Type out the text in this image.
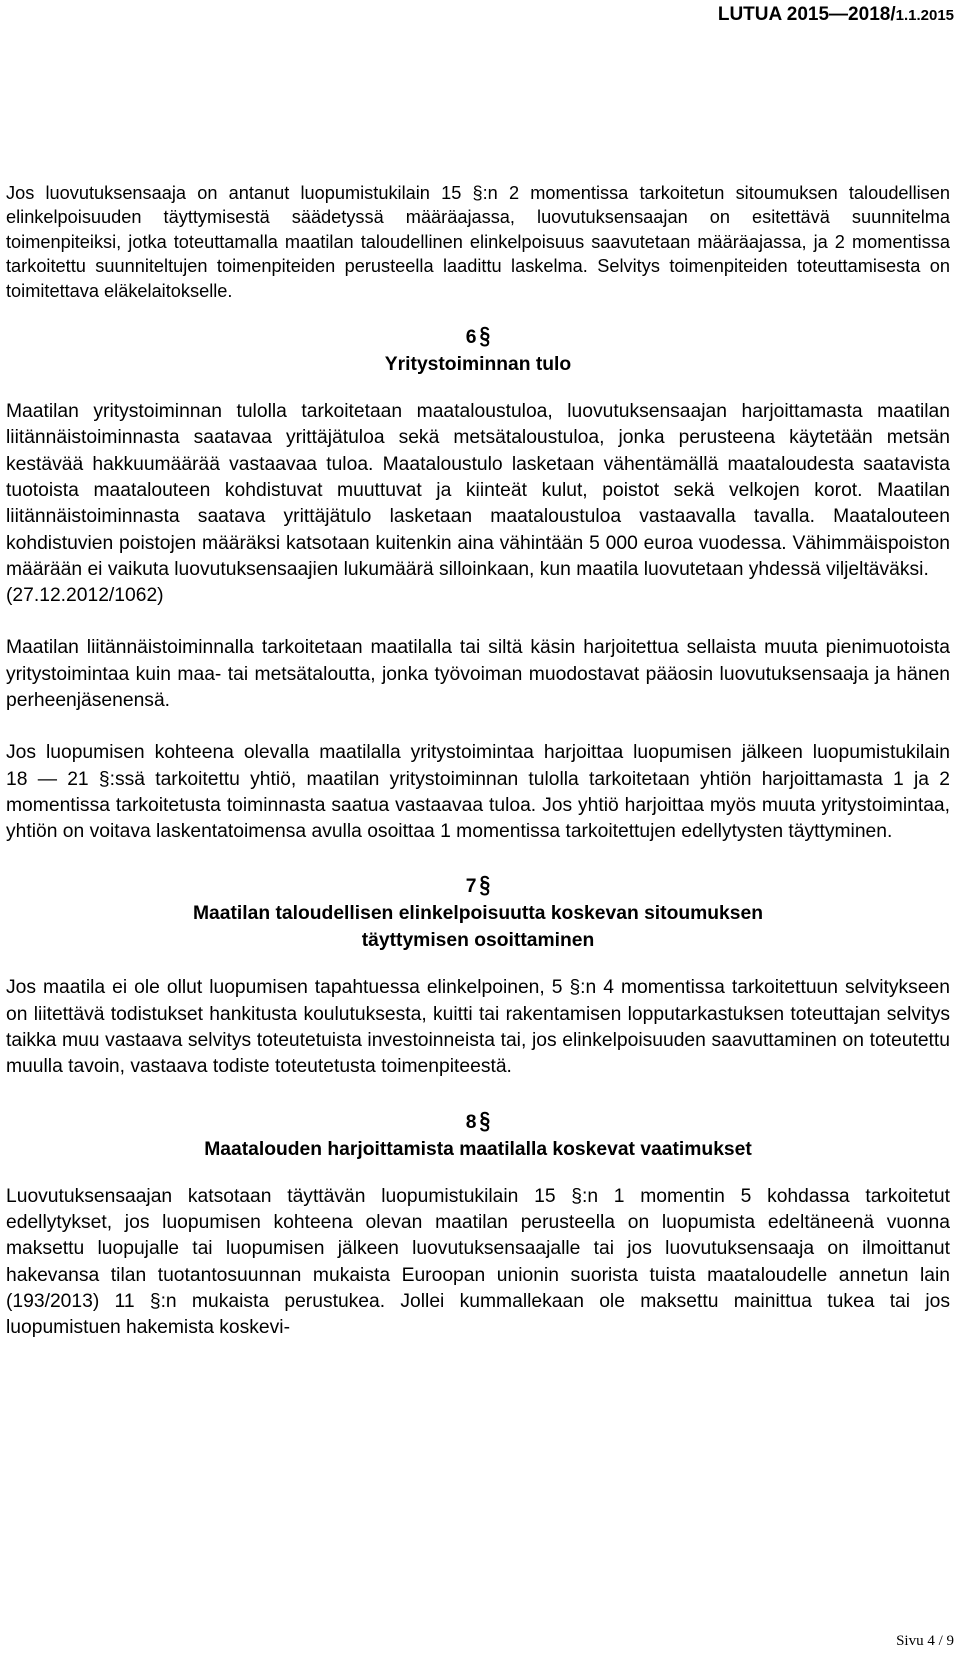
LUTUA 2015—2018/1.1.2015

Jos luovutuksensaaja on antanut luopumistukilain 15 §:n 2 momentissa tarkoitetun sitoumuksen taloudellisen elinkelpoisuuden täyttymisestä säädetyssä määräajassa, luovutuksensaajan on esitettävä suunnitelma toimenpiteiksi, jotka toteuttamalla maatilan taloudellinen elinkelpoisuus saavutetaan määräajassa, ja 2 momentissa tarkoitettu suunniteltujen toimenpiteiden perusteella laadittu laskelma. Selvitys toimenpiteiden toteuttamisesta on toimitettava eläkelaitokselle.

6 §
Yritystoiminnan tulo

Maatilan yritystoiminnan tulolla tarkoitetaan maataloustuloa, luovutuksensaajan harjoittamasta maatilan liitännäistoiminnasta saatavaa yrittäjätuloa sekä metsätaloustuloa, jonka perusteena käytetään metsän kestävää hakkuumäärää vastaavaa tuloa. Maataloustulo lasketaan vähentämällä maataloudesta saatavista tuotoista maatalouteen kohdistuvat muuttuvat ja kiinteät kulut, poistot sekä velkojen korot. Maatilan liitännäistoiminnasta saatava yrittäjätulo lasketaan maataloustuloa vastaavalla tavalla. Maatalouteen kohdistuvien poistojen määräksi katsotaan kuitenkin aina vähintään 5 000 euroa vuodessa. Vähimmäispoiston määrään ei vaikuta luovutuksensaajien lukumäärä silloinkaan, kun maatila luovutetaan yhdessä viljeltäväksi.

(27.12.2012/1062)

Maatilan liitännäistoiminnalla tarkoitetaan maatilalla tai siltä käsin harjoitettua sellaista muuta pienimuotoista yritystoimintaa kuin maa- tai metsätaloutta, jonka työvoiman muodostavat pääosin luovutuksensaaja ja hänen perheenjäsenensä.

Jos luopumisen kohteena olevalla maatilalla yritystoimintaa harjoittaa luopumisen jälkeen luopumistukilain 18 — 21 §:ssä tarkoitettu yhtiö, maatilan yritystoiminnan tulolla tarkoitetaan yhtiön harjoittamasta 1 ja 2 momentissa tarkoitetusta toiminnasta saatua vastaavaa tuloa. Jos yhtiö harjoittaa myös muuta yritystoimintaa, yhtiön on voitava laskentatoimensa avulla osoittaa 1 momentissa tarkoitettujen edellytysten täyttyminen.

7 §
Maatilan taloudellisen elinkelpoisuutta koskevan sitoumuksen
täyttymisen osoittaminen

Jos maatila ei ole ollut luopumisen tapahtuessa elinkelpoinen, 5 §:n 4 momentissa tarkoitettuun selvitykseen on liitettävä todistukset hankitusta koulutuksesta, kuitti tai rakentamisen lopputarkastuksen toteuttajan selvitys taikka muu vastaava selvitys toteutetuista investoinneista tai, jos elinkelpoisuuden saavuttaminen on toteutettu muulla tavoin, vastaava todiste toteutetusta toimenpiteestä.

8 §
Maatalouden harjoittamista maatilalla koskevat vaatimukset

Luovutuksensaajan katsotaan täyttävän luopumistukilain 15 §:n 1 momentin 5 kohdassa tarkoitetut edellytykset, jos luopumisen kohteena olevan maatilan perusteella on luopumista edeltäneenä vuonna maksettu luopujalle tai luopumisen jälkeen luovutuksensaajalle tai jos luovutuksensaaja on ilmoittanut hakevansa tilan tuotantosuunnan mukaista Euroopan unionin suorista tuista maataloudelle annetun lain (193/2013) 11 §:n mukaista perustukea. Jollei kummallekaan ole maksettu mainittua tukea tai jos luopumistuen hakemista koskevi-

Sivu 4 / 9
